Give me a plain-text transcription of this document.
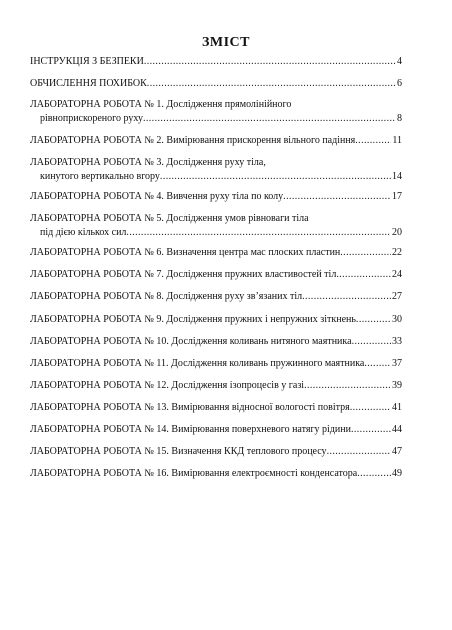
ЗМІСТ
ІНСТРУКЦІЯ З БЕЗПЕКИ .....	4
ОБЧИСЛЕННЯ ПОХИБОК .....	6
ЛАБОРАТОРНА РОБОТА № 1. Дослідження прямолінійного
рівноприскореного руху .....	8
ЛАБОРАТОРНА РОБОТА № 2. Вимірювання прискорення вільного падіння .....	11
ЛАБОРАТОРНА РОБОТА № 3. Дослідження руху тіла,
кинутого вертикально вгору .....	14
ЛАБОРАТОРНА РОБОТА № 4. Вивчення руху тіла по колу .....	17
ЛАБОРАТОРНА РОБОТА № 5. Дослідження умов рівноваги тіла
під дією кількох сил .....	20
ЛАБОРАТОРНА РОБОТА № 6. Визначення центра мас плоских пластин .....	22
ЛАБОРАТОРНА РОБОТА № 7. Дослідження пружних властивостей тіл .....	24
ЛАБОРАТОРНА РОБОТА № 8. Дослідження руху зв’язаних тіл .....	27
ЛАБОРАТОРНА РОБОТА № 9. Дослідження пружних і непружних зіткнень .....	30
ЛАБОРАТОРНА РОБОТА № 10. Дослідження коливань нитяного маятника .....	33
ЛАБОРАТОРНА РОБОТА № 11. Дослідження коливань пружинного маятника .....	37
ЛАБОРАТОРНА РОБОТА № 12. Дослідження ізопроцесів у газі .....	39
ЛАБОРАТОРНА РОБОТА № 13. Вимірювання відносної вологості повітря .....	41
ЛАБОРАТОРНА РОБОТА № 14. Вимірювання поверхневого натягу рідини .....	44
ЛАБОРАТОРНА РОБОТА № 15. Визначення ККД теплового процесу .....	47
ЛАБОРАТОРНА РОБОТА № 16. Вимірювання електроємності конденсатора .....	49
